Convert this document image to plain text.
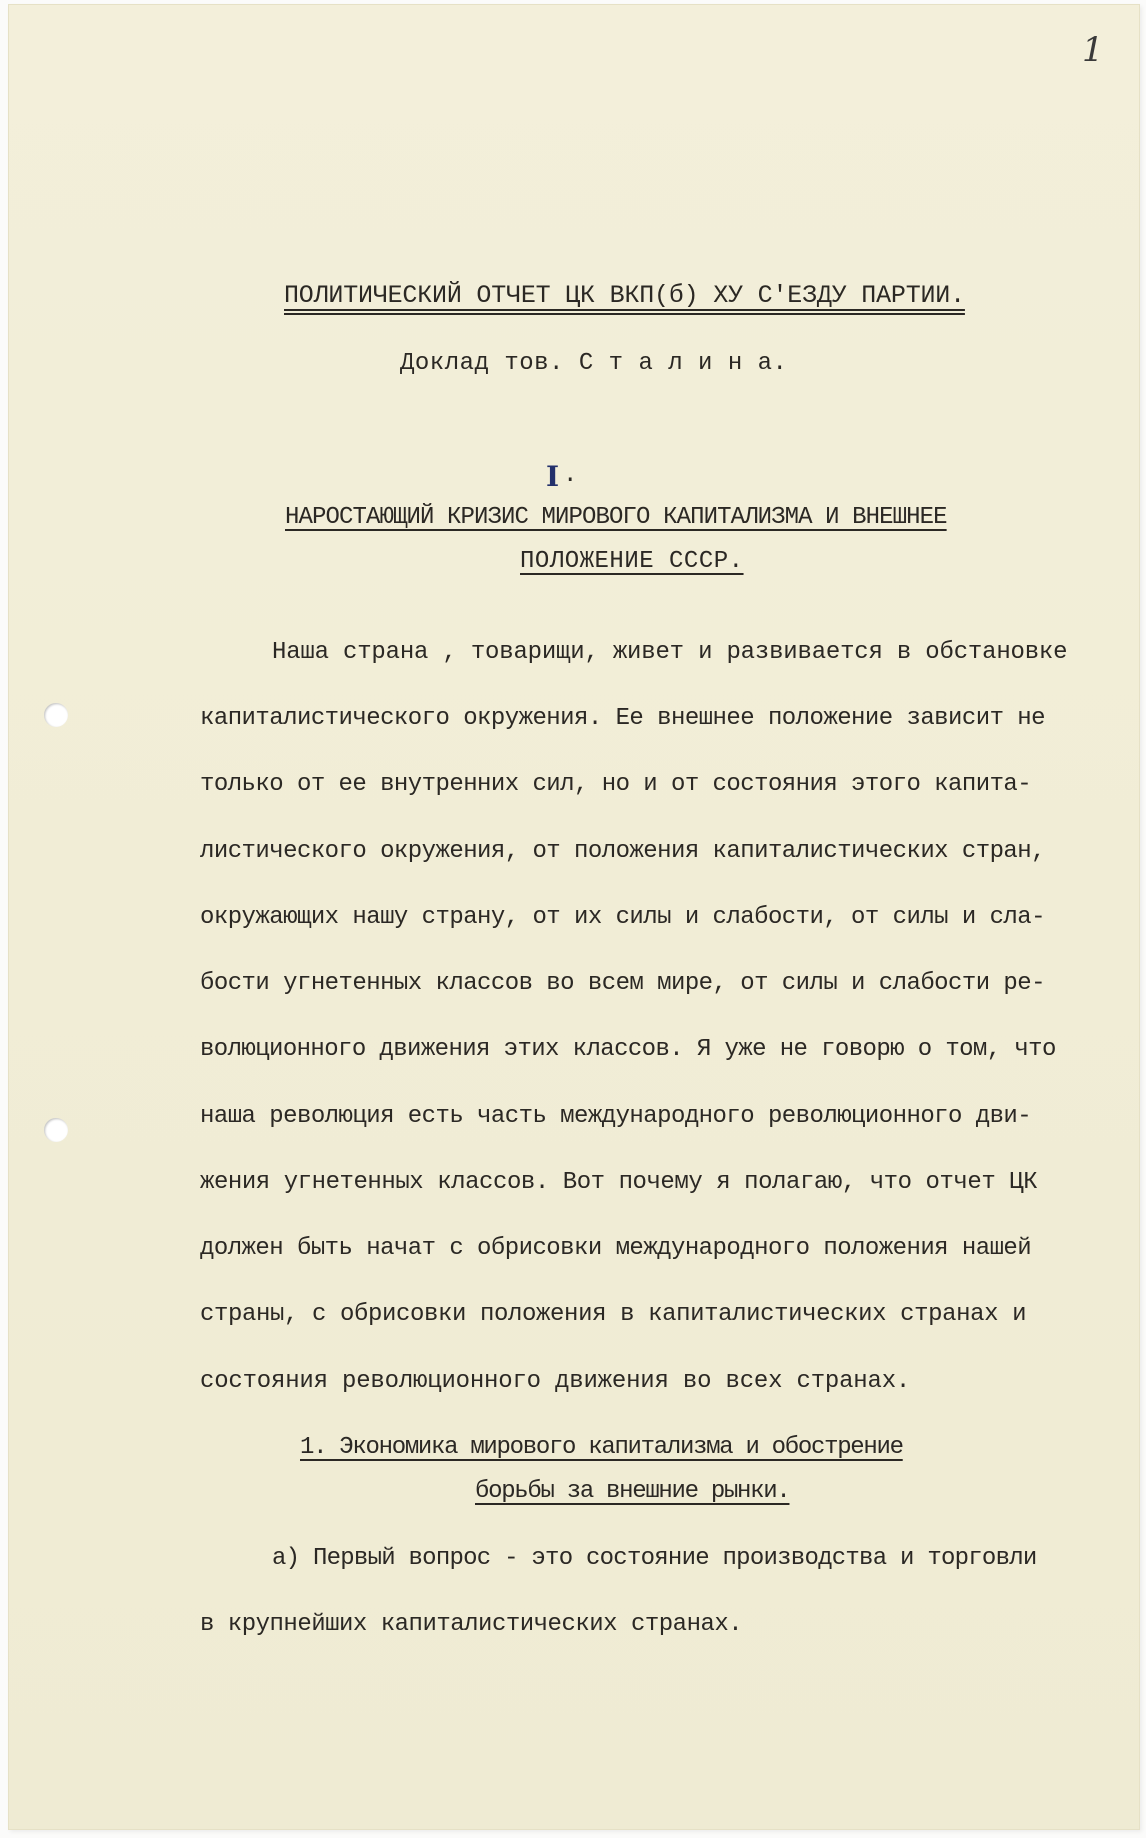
1
ПОЛИТИЧЕСКИЙ ОТЧЕТ ЦК ВКП(б) ХУ С'ЕЗДУ ПАРТИИ.
Доклад тов. С т а л и н а.
I .
НАРОСТАЮЩИЙ КРИЗИС МИРОВОГО КАПИТАЛИЗМА И ВНЕШНЕЕ
ПОЛОЖЕНИЕ СССР.
Наша страна , товарищи, живет и развивается в обстановке
капиталистического окружения. Ее внешнее положение зависит не
только от ее внутренних сил, но и от состояния этого капита-
листического окружения, от положения капиталистических стран,
окружающих нашу страну, от их силы и слабости, от силы и сла-
бости угнетенных классов во всем мире, от силы и слабости ре-
волюционного движения этих классов. Я уже не говорю о том, что
наша революция есть часть международного революционного дви-
жения угнетенных классов. Вот почему я полагаю, что отчет ЦК
должен быть начат с обрисовки международного положения нашей
страны, с обрисовки положения в капиталистических странах и
состояния революционного движения во всех странах.
1. Экономика мирового капитализма и обострение
борьбы за внешние рынки.
а) Первый вопрос - это состояние производства и торговли
в крупнейших капиталистических странах.
